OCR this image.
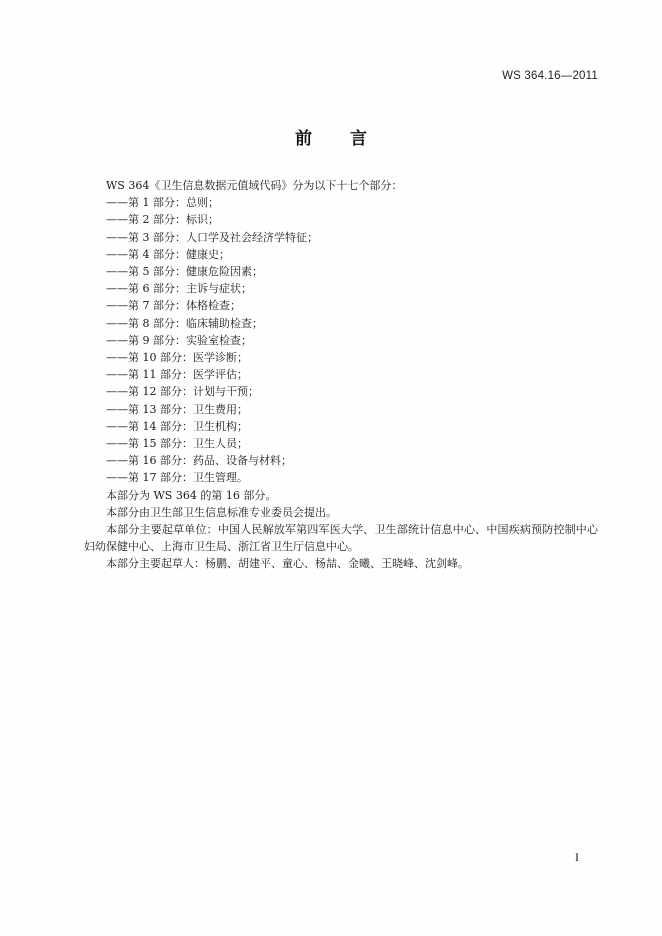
WS 364.16—2011
前言

WS 364《卫生信息数据元值域代码》分为以下十七个部分：

——第 1 部分：总则；

——第 2 部分：标识；

——第 3 部分：人口学及社会经济学特征；

——第 4 部分：健康史；

——第 5 部分：健康危险因素；

——第 6 部分：主诉与症状；

——第 7 部分：体格检查；

——第 8 部分：临床辅助检查；

——第 9 部分：实验室检查；

——第 10 部分：医学诊断；

——第 11 部分：医学评估；

——第 12 部分：计划与干预；

——第 13 部分：卫生费用；

——第 14 部分：卫生机构；

——第 15 部分：卫生人员；

——第 16 部分：药品、设备与材料；

——第 17 部分：卫生管理。

本部分为 WS 364 的第 16 部分。

本部分由卫生部卫生信息标准专业委员会提出。

本部分主要起草单位：中国人民解放军第四军医大学、卫生部统计信息中心、中国疾病预防控制中心妇幼保健中心、上海市卫生局、浙江省卫生厅信息中心。

本部分主要起草人：杨鹏、胡建平、童心、杨喆、金曦、王晓峰、沈剑峰。

I
